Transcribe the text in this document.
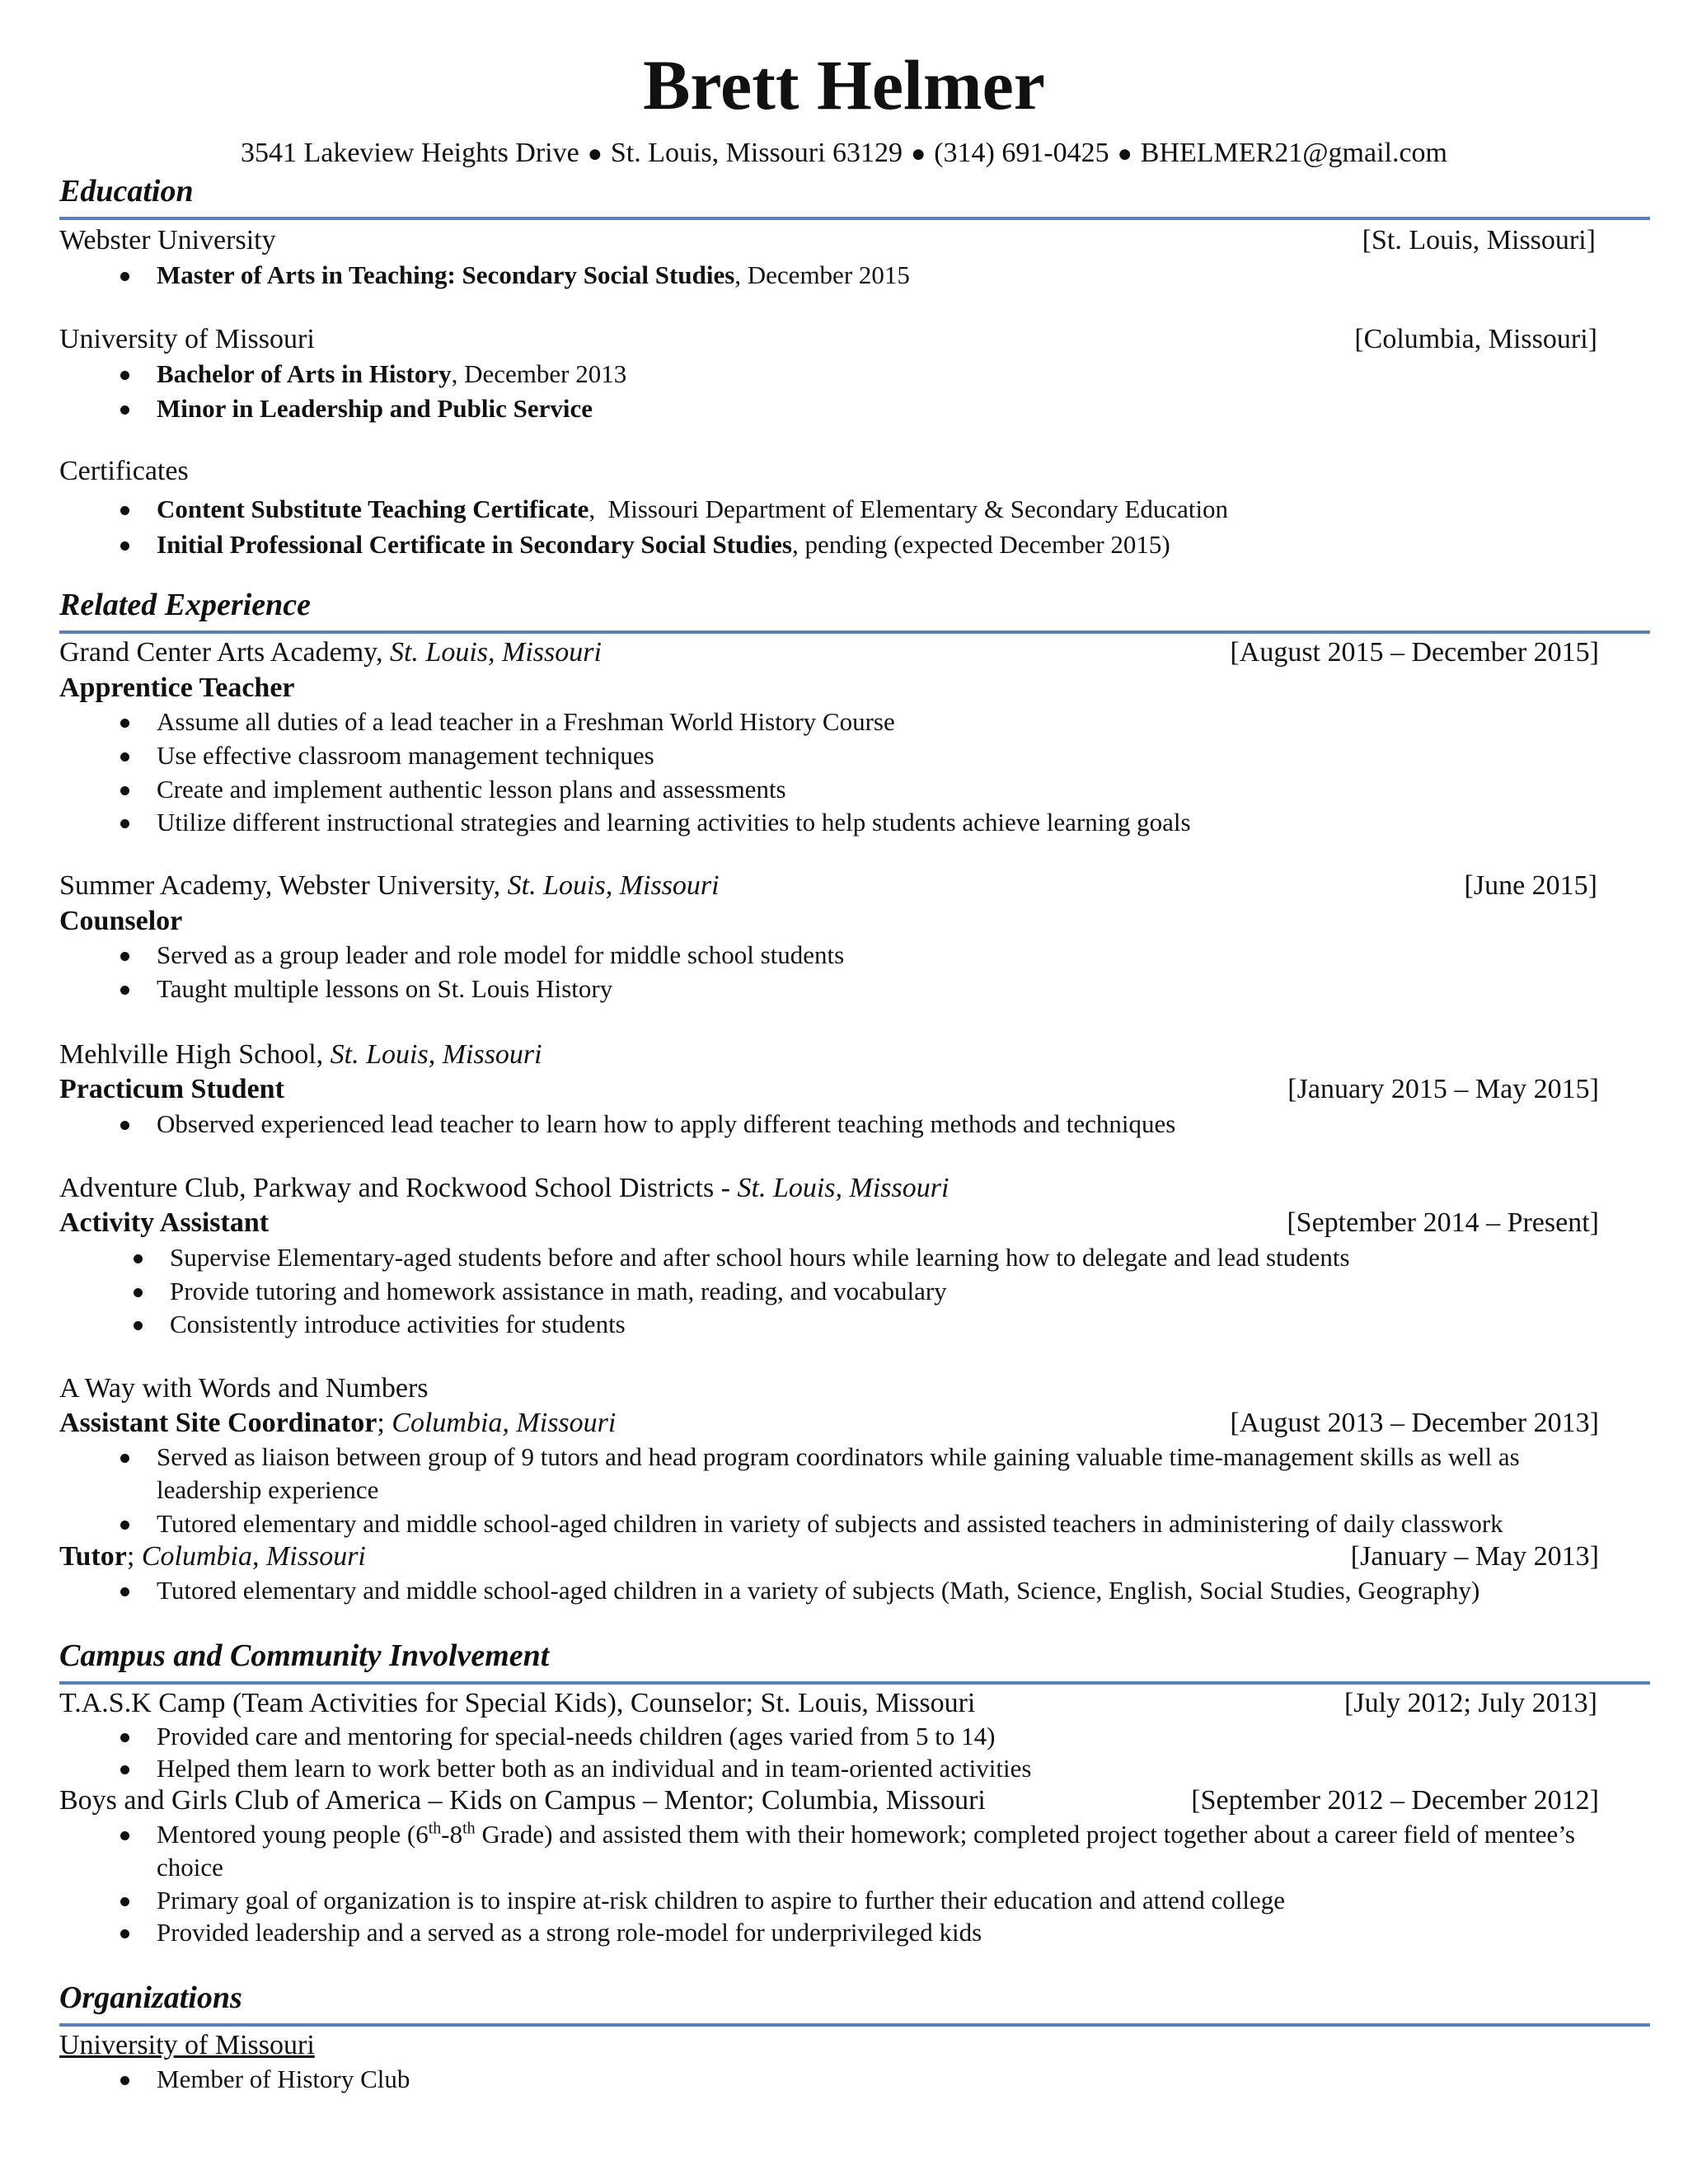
Brett Helmer
3541 Lakeview Heights Drive ● St. Louis, Missouri 63129 ● (314) 691-0425 ● BHELMER21@gmail.com
Education
Webster University	[St. Louis, Missouri]
Master of Arts in Teaching: Secondary Social Studies, December 2015
University of Missouri	[Columbia, Missouri]
Bachelor of Arts in History, December 2013
Minor in Leadership and Public Service
Certificates
Content Substitute Teaching Certificate,  Missouri Department of Elementary & Secondary Education
Initial Professional Certificate in Secondary Social Studies, pending (expected December 2015)
Related Experience
Grand Center Arts Academy, St. Louis, Missouri	[August 2015 – December 2015]
Apprentice Teacher
Assume all duties of a lead teacher in a Freshman World History Course
Use effective classroom management techniques
Create and implement authentic lesson plans and assessments
Utilize different instructional strategies and learning activities to help students achieve learning goals
Summer Academy, Webster University, St. Louis, Missouri	[June 2015]
Counselor
Served as a group leader and role model for middle school students
Taught multiple lessons on St. Louis History
Mehlville High School, St. Louis, Missouri
Practicum Student	[January 2015 – May 2015]
Observed experienced lead teacher to learn how to apply different teaching methods and techniques
Adventure Club, Parkway and Rockwood School Districts - St. Louis, Missouri
Activity Assistant	[September 2014 – Present]
Supervise Elementary-aged students before and after school hours while learning how to delegate and lead students
Provide tutoring and homework assistance in math, reading, and vocabulary
Consistently introduce activities for students
A Way with Words and Numbers
Assistant Site Coordinator; Columbia, Missouri	[August 2013 – December 2013]
Served as liaison between group of 9 tutors and head program coordinators while gaining valuable time-management skills as well as leadership experience
Tutored elementary and middle school-aged children in variety of subjects and assisted teachers in administering of daily classwork
Tutor; Columbia, Missouri	[January – May 2013]
Tutored elementary and middle school-aged children in a variety of subjects (Math, Science, English, Social Studies, Geography)
Campus and Community Involvement
T.A.S.K Camp (Team Activities for Special Kids), Counselor; St. Louis, Missouri	[July 2012; July 2013]
Provided care and mentoring for special-needs children (ages varied from 5 to 14)
Helped them learn to work better both as an individual and in team-oriented activities
Boys and Girls Club of America – Kids on Campus – Mentor; Columbia, Missouri	[September 2012 – December 2012]
Mentored young people (6th-8th Grade) and assisted them with their homework; completed project together about a career field of mentee’s choice
Primary goal of organization is to inspire at-risk children to aspire to further their education and attend college
Provided leadership and a served as a strong role-model for underprivileged kids
Organizations
University of Missouri
Member of History Club
